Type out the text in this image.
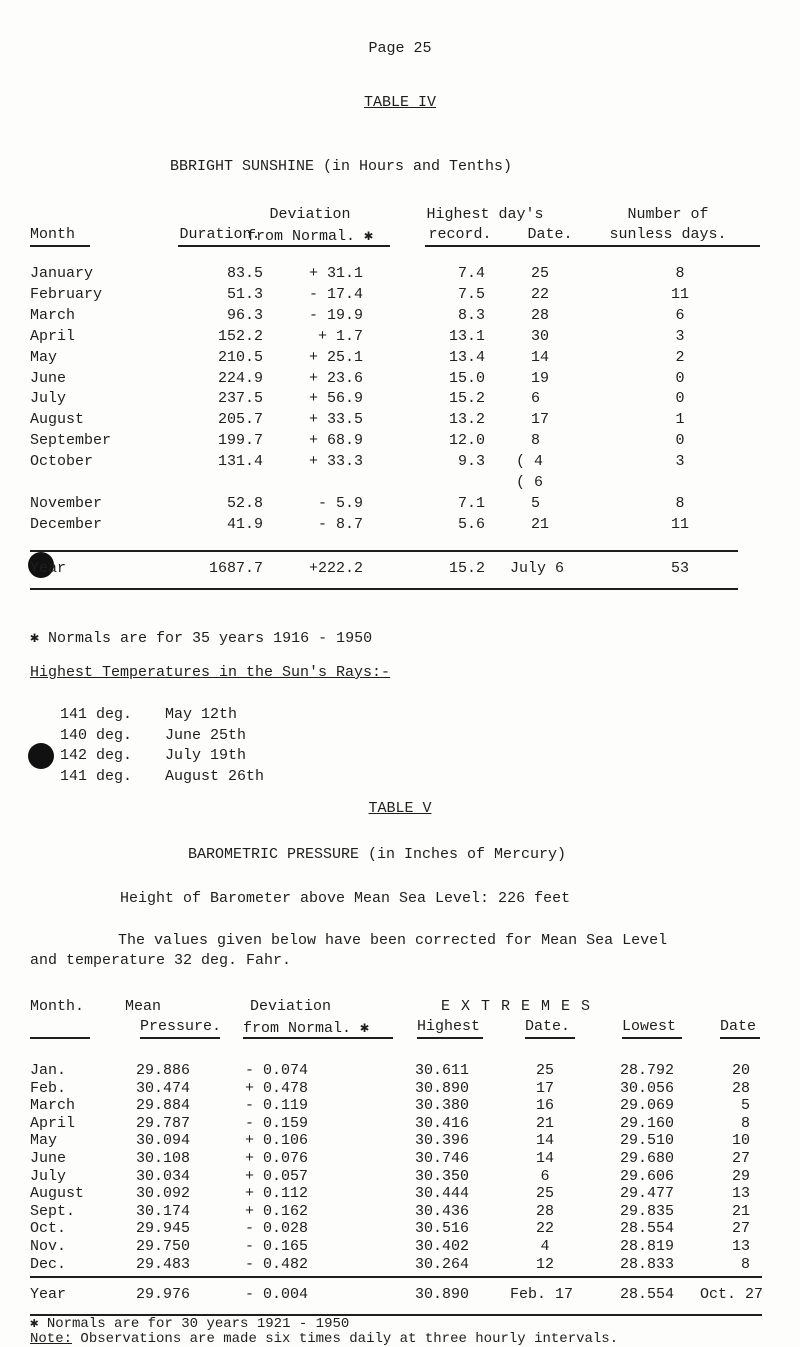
Page 25
TABLE IV
BBRIGHT SUNSHINE (in Hours and Tenths)
Month	Duration.
Deviation
from Normal. ✱
Highest day's
record.	Date.
Number of
sunless days.
January	83.5	+ 31.1	7.4	25	8
February	51.3	- 17.4	7.5	22	11
March	96.3	- 19.9	8.3	28	6
April	152.2	+ 1.7	13.1	30	3
May	210.5	+ 25.1	13.4	14	2
June	224.9	+ 23.6	15.0	19	0
July	237.5	+ 56.9	15.2	6	0
August	205.7	+ 33.5	13.2	17	1
September	199.7	+ 68.9	12.0	8	0
October	131.4	+ 33.3	9.3 ( 4	3
( 6
November	52.8	- 5.9	7.1	5	8
December	41.9	- 8.7	5.6	21	11
Year	1687.7	+222.2	15.2 July 6	53
✱ Normals are for 35 years 1916 - 1950
Highest Temperatures in the Sun's Rays:-
141 deg. May 12th
140 deg. June 25th
142 deg. July 19th
141 deg. August 26th
TABLE V
BAROMETRIC PRESSURE (in Inches of Mercury)
Height of Barometer above Mean Sea Level: 226 feet
The values given below have been corrected for Mean Sea Level
and temperature 32 deg. Fahr.
Month.	Mean
Pressure.
Deviation
from Normal. ✱
E X T R E M E S
Highest	Date.	Lowest	Date
Jan.	29.886	- 0.074	30.611	25	28.792	20
Feb.	30.474	+ 0.478	30.890	17	30.056	28
March	29.884	- 0.119	30.380	16	29.069	5
April	29.787	- 0.159	30.416	21	29.160	8
May	30.094	+ 0.106	30.396	14	29.510	10
June	30.108	+ 0.076	30.746	14	29.680	27
July	30.034	+ 0.057	30.350	6	29.606	29
August	30.092	+ 0.112	30.444	25	29.477	13
Sept.	30.174	+ 0.162	30.436	28	29.835	21
Oct.	29.945	- 0.028	30.516	22	28.554	27
Nov.	29.750	- 0.165	30.402	4	28.819	13
Dec.	29.483	- 0.482	30.264	12	28.833	8
Year	29.976	- 0.004	30.890	Feb. 17	28.554 Oct. 27
✱ Normals are for 30 years 1921 - 1950
Note: Observations are made six times daily at three hourly intervals.
